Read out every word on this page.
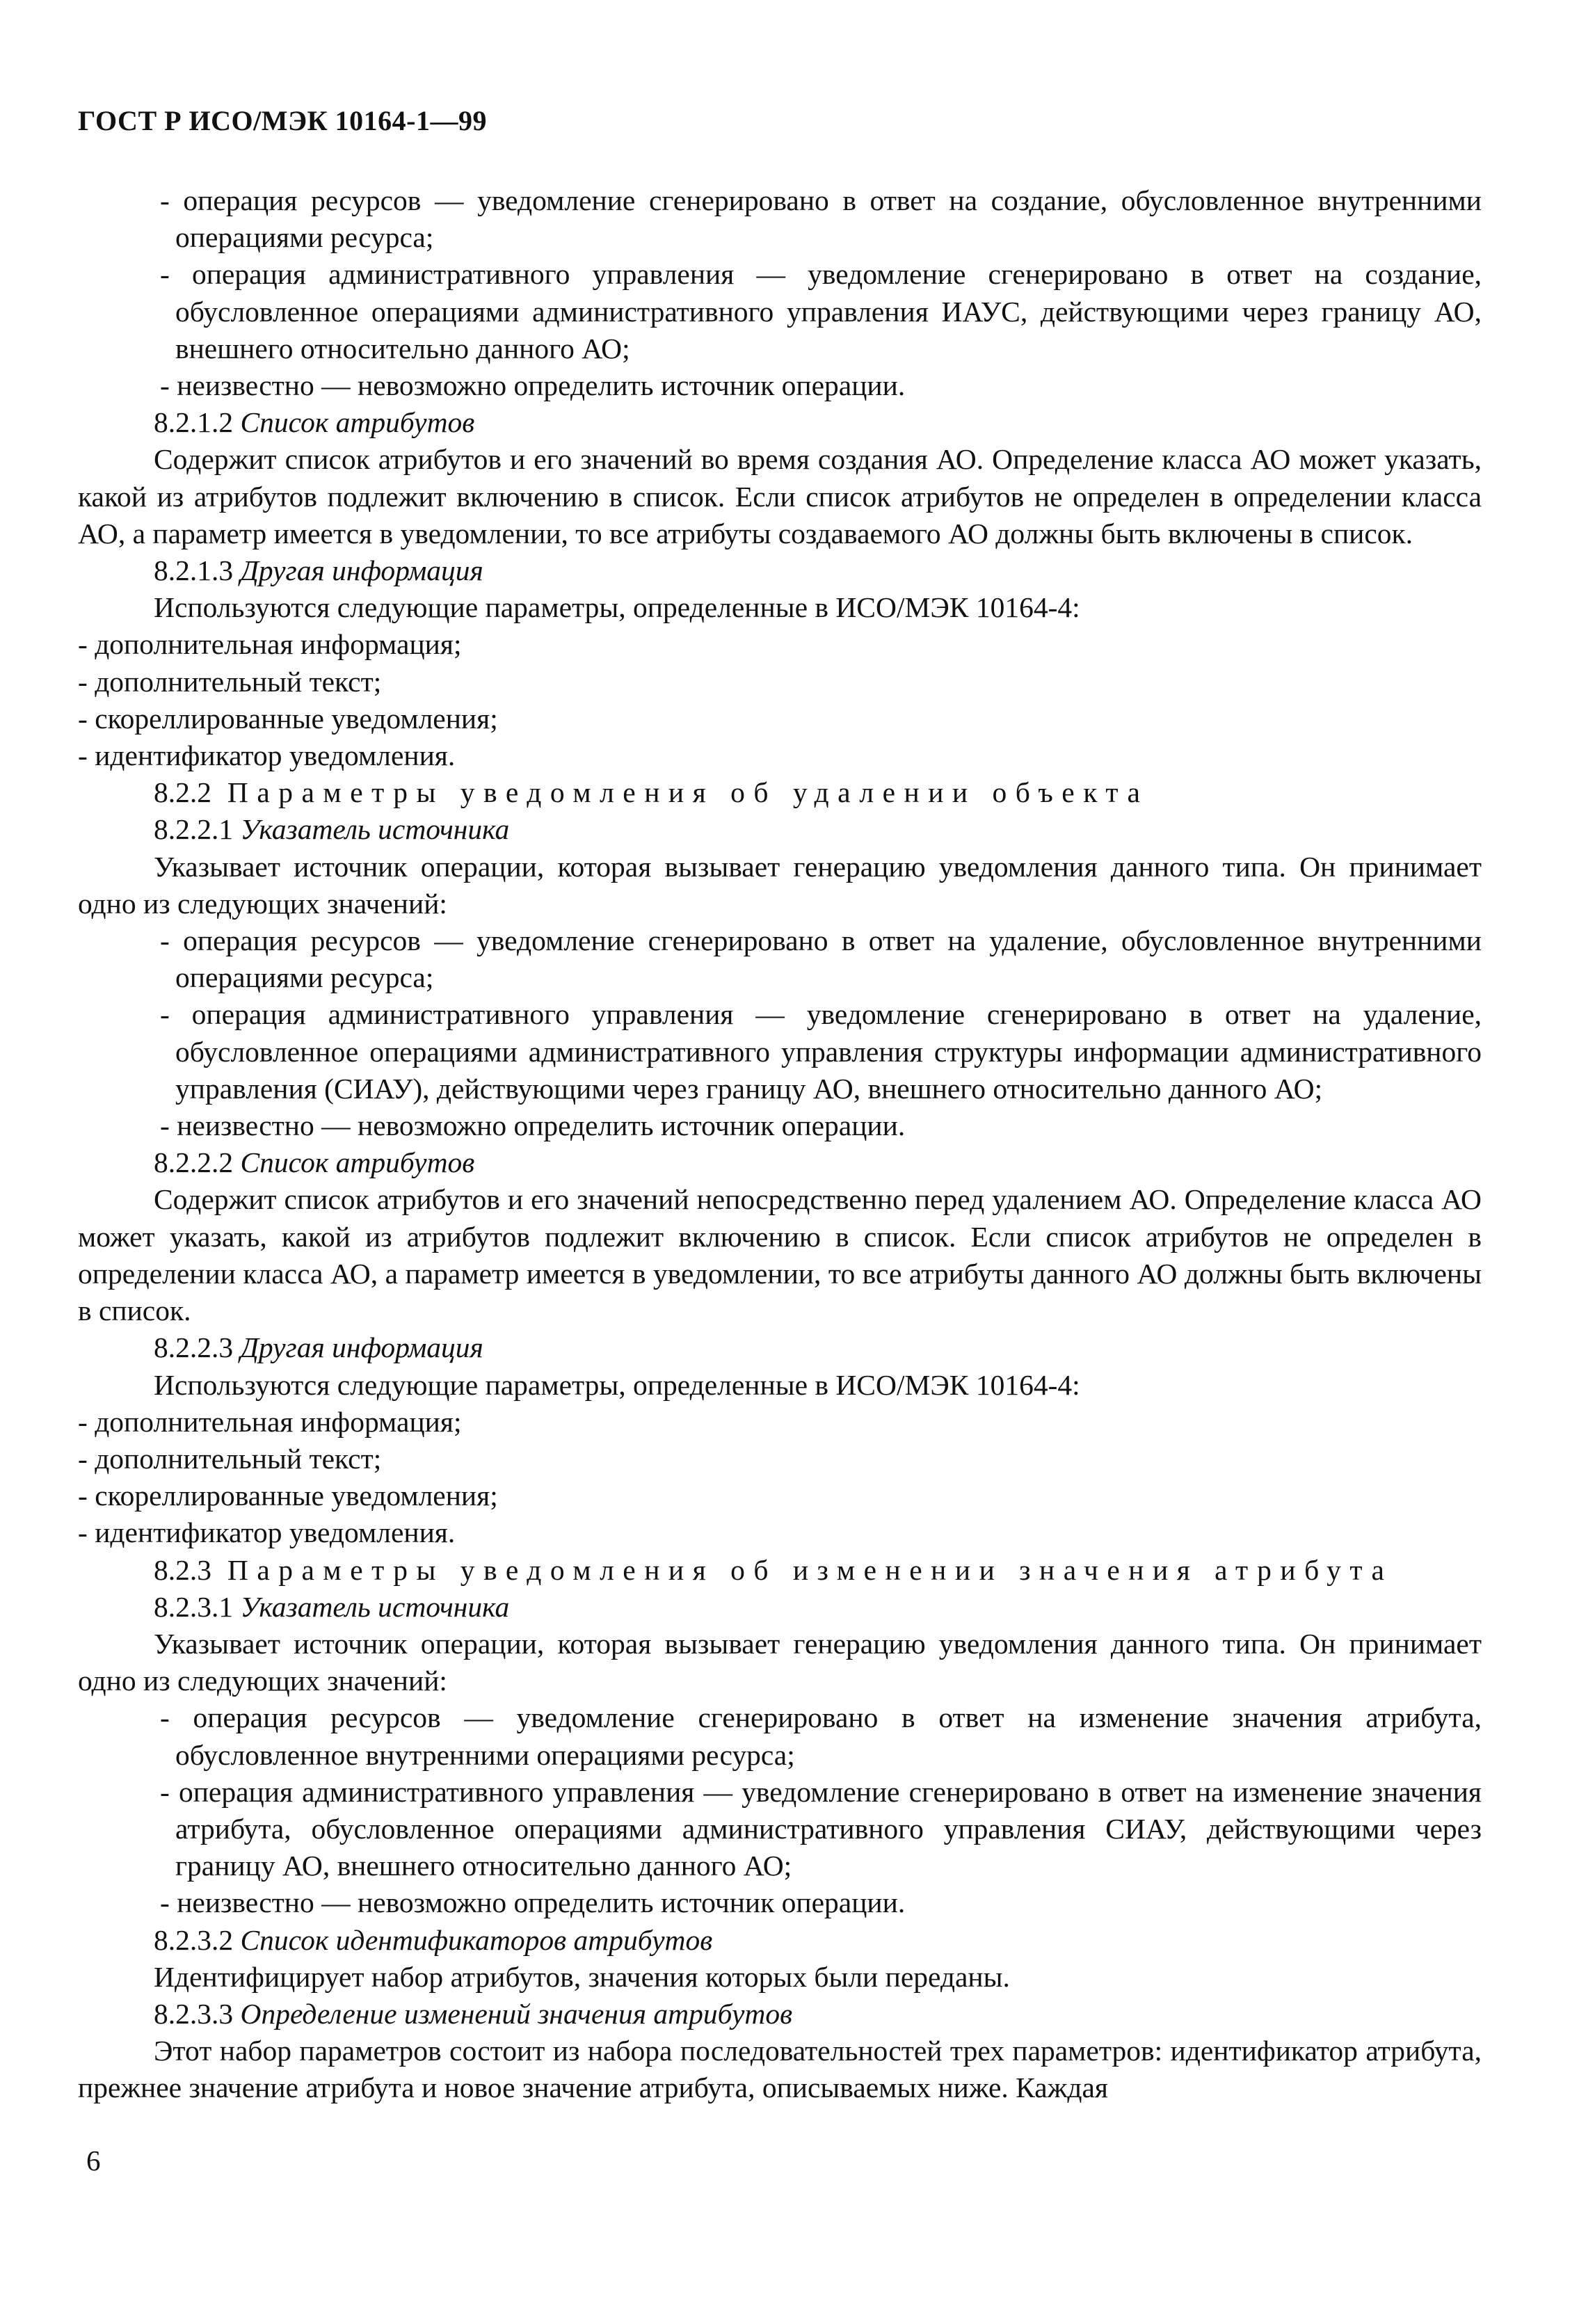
ГОСТ Р ИСО/МЭК 10164-1—99
- операция ресурсов — уведомление сгенерировано в ответ на создание, обусловленное внутренними операциями ресурса;
- операция административного управления — уведомление сгенерировано в ответ на создание, обусловленное операциями административного управления ИАУС, действующими через границу АО, внешнего относительно данного АО;
- неизвестно — невозможно определить источник операции.
8.2.1.2 Список атрибутов
Содержит список атрибутов и его значений во время создания АО. Определение класса АО может указать, какой из атрибутов подлежит включению в список. Если список атрибутов не определен в определении класса АО, а параметр имеется в уведомлении, то все атрибуты создаваемого АО должны быть включены в список.
8.2.1.3 Другая информация
Используются следующие параметры, определенные в ИСО/МЭК 10164-4:
- дополнительная информация;
- дополнительный текст;
- скореллированные уведомления;
- идентификатор уведомления.
8.2.2 Параметры уведомления об удалении объекта
8.2.2.1 Указатель источника
Указывает источник операции, которая вызывает генерацию уведомления данного типа. Он принимает одно из следующих значений:
- операция ресурсов — уведомление сгенерировано в ответ на удаление, обусловленное внутренними операциями ресурса;
- операция административного управления — уведомление сгенерировано в ответ на удаление, обусловленное операциями административного управления структуры информации административного управления (СИАУ), действующими через границу АО, внешнего относительно данного АО;
- неизвестно — невозможно определить источник операции.
8.2.2.2 Список атрибутов
Содержит список атрибутов и его значений непосредственно перед удалением АО. Определение класса АО может указать, какой из атрибутов подлежит включению в список. Если список атрибутов не определен в определении класса АО, а параметр имеется в уведомлении, то все атрибуты данного АО должны быть включены в список.
8.2.2.3 Другая информация
Используются следующие параметры, определенные в ИСО/МЭК 10164-4:
- дополнительная информация;
- дополнительный текст;
- скореллированные уведомления;
- идентификатор уведомления.
8.2.3 Параметры уведомления об изменении значения атрибута
8.2.3.1 Указатель источника
Указывает источник операции, которая вызывает генерацию уведомления данного типа. Он принимает одно из следующих значений:
- операция ресурсов — уведомление сгенерировано в ответ на изменение значения атрибута, обусловленное внутренними операциями ресурса;
- операция административного управления — уведомление сгенерировано в ответ на изменение значения атрибута, обусловленное операциями административного управления СИАУ, действующими через границу АО, внешнего относительно данного АО;
- неизвестно — невозможно определить источник операции.
8.2.3.2 Список идентификаторов атрибутов
Идентифицирует набор атрибутов, значения которых были переданы.
8.2.3.3 Определение изменений значения атрибутов
Этот набор параметров состоит из набора последовательностей трех параметров: идентификатор атрибута, прежнее значение атрибута и новое значение атрибута, описываемых ниже. Каждая
6
